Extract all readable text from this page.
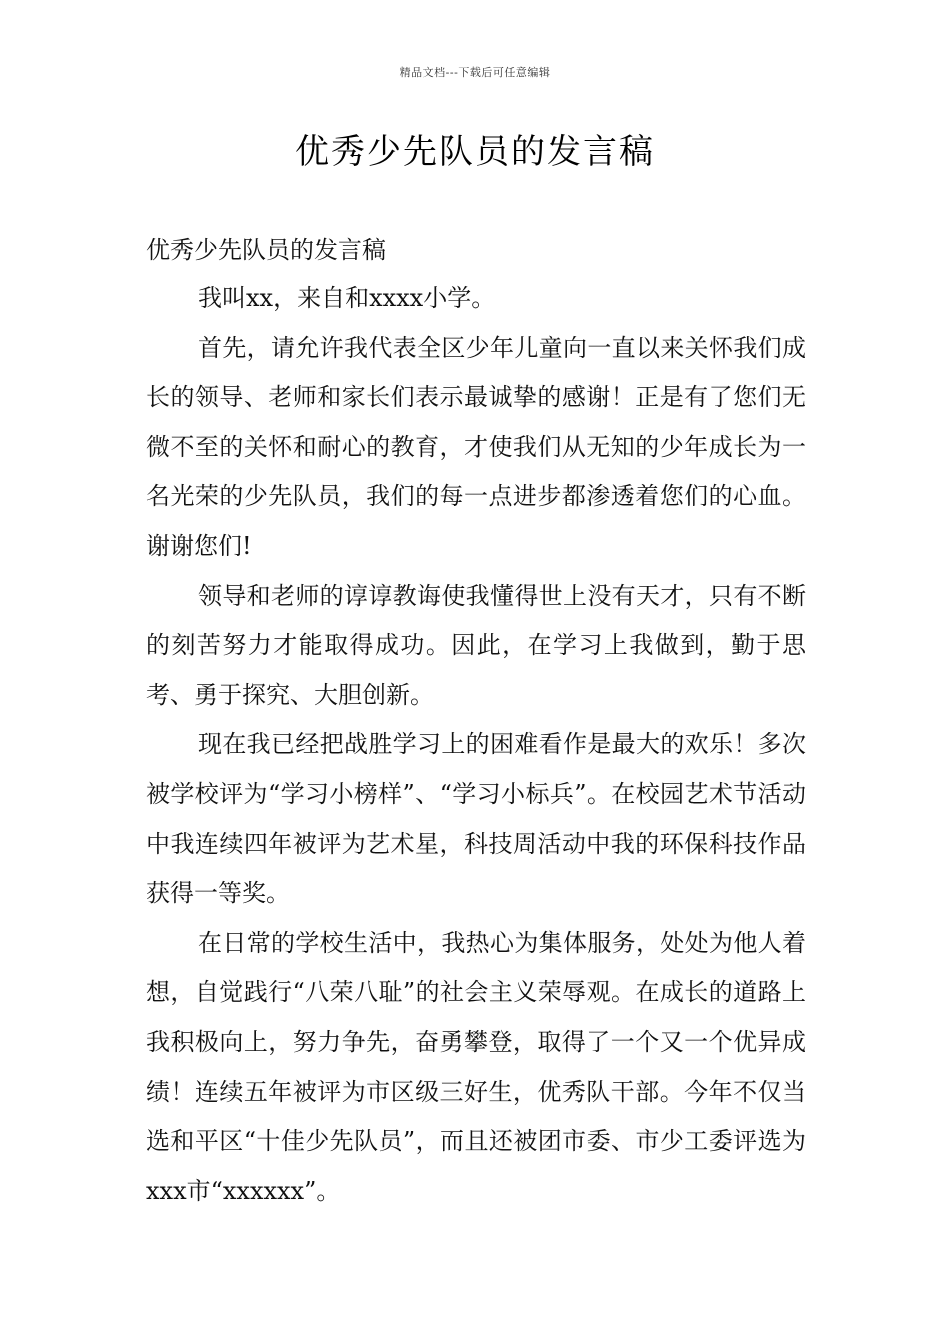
精品文档---下载后可任意编辑
优秀少先队员的发言稿

优秀少先队员的发言稿

我叫xx，来自和xxxx小学。

首先，请允许我代表全区少年儿童向一直以来关怀我们成长的领导、老师和家长们表示最诚挚的感谢！正是有了您们无微不至的关怀和耐心的教育，才使我们从无知的少年成长为一名光荣的少先队员，我们的每一点进步都渗透着您们的心血。谢谢您们!

领导和老师的谆谆教诲使我懂得世上没有天才，只有不断的刻苦努力才能取得成功。因此，在学习上我做到，勤于思考、勇于探究、大胆创新。

现在我已经把战胜学习上的困难看作是最大的欢乐！多次被学校评为“学习小榜样”、“学习小标兵”。在校园艺术节活动中我连续四年被评为艺术星，科技周活动中我的环保科技作品获得一等奖。

在日常的学校生活中，我热心为集体服务，处处为他人着想，自觉践行“八荣八耻”的社会主义荣辱观。在成长的道路上我积极向上，努力争先，奋勇攀登，取得了一个又一个优异成绩！连续五年被评为市区级三好生，优秀队干部。今年不仅当选和平区“十佳少先队员”，而且还被团市委、市少工委评选为xxx市“xxxxxx”。
